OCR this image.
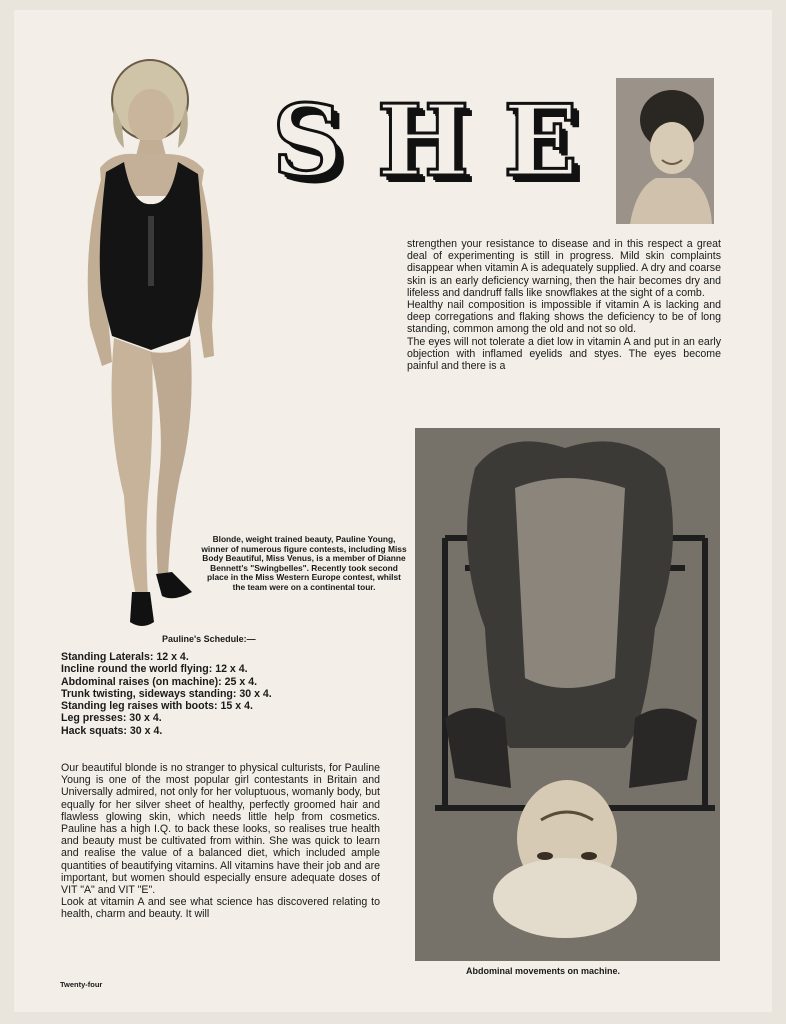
S H E

strengthen your resistance to disease and in this respect a great deal of experimenting is still in progress. Mild skin complaints disappear when vitamin A is adequately supplied. A dry and coarse skin is an early deficiency warning, then the hair becomes dry and lifeless and dandruff falls like snowflakes at the sight of a comb.

Healthy nail composition is impossible if vitamin A is lacking and deep corregations and flaking shows the deficiency to be of long standing, common among the old and not so old.

The eyes will not tolerate a diet low in vitamin A and put in an early objection with inflamed eyelids and styes. The eyes become painful and there is a

Blonde, weight trained beauty, Pauline Young, winner of numerous figure contests, including Miss Body Beautiful, Miss Venus, is a member of Dianne Bennett's "Swingbelles". Recently took second place in the Miss Western Europe contest, whilst the team were on a continental tour.
Pauline's Schedule:—
Standing Laterals: 12 x 4.
Incline round the world flying: 12 x 4.
Abdominal raises (on machine): 25 x 4.
Trunk twisting, sideways standing: 30 x 4.
Standing leg raises with boots: 15 x 4.
Leg presses: 30 x 4.
Hack squats: 30 x 4.

Our beautiful blonde is no stranger to physical culturists, for Pauline Young is one of the most popular girl contestants in Britain and Universally admired, not only for her voluptuous, womanly body, but equally for her silver sheet of healthy, perfectly groomed hair and flawless glowing skin, which needs little help from cosmetics. Pauline has a high I.Q. to back these looks, so realises true health and beauty must be cultivated from within. She was quick to learn and realise the value of a balanced diet, which included ample quantities of beautifying vitamins. All vitamins have their job and are important, but women should especially ensure adequate doses of VIT "A" and VIT "E".

Look at vitamin A and see what science has discovered relating to health, charm and beauty. It will

Abdominal movements on machine.
Twenty-four
